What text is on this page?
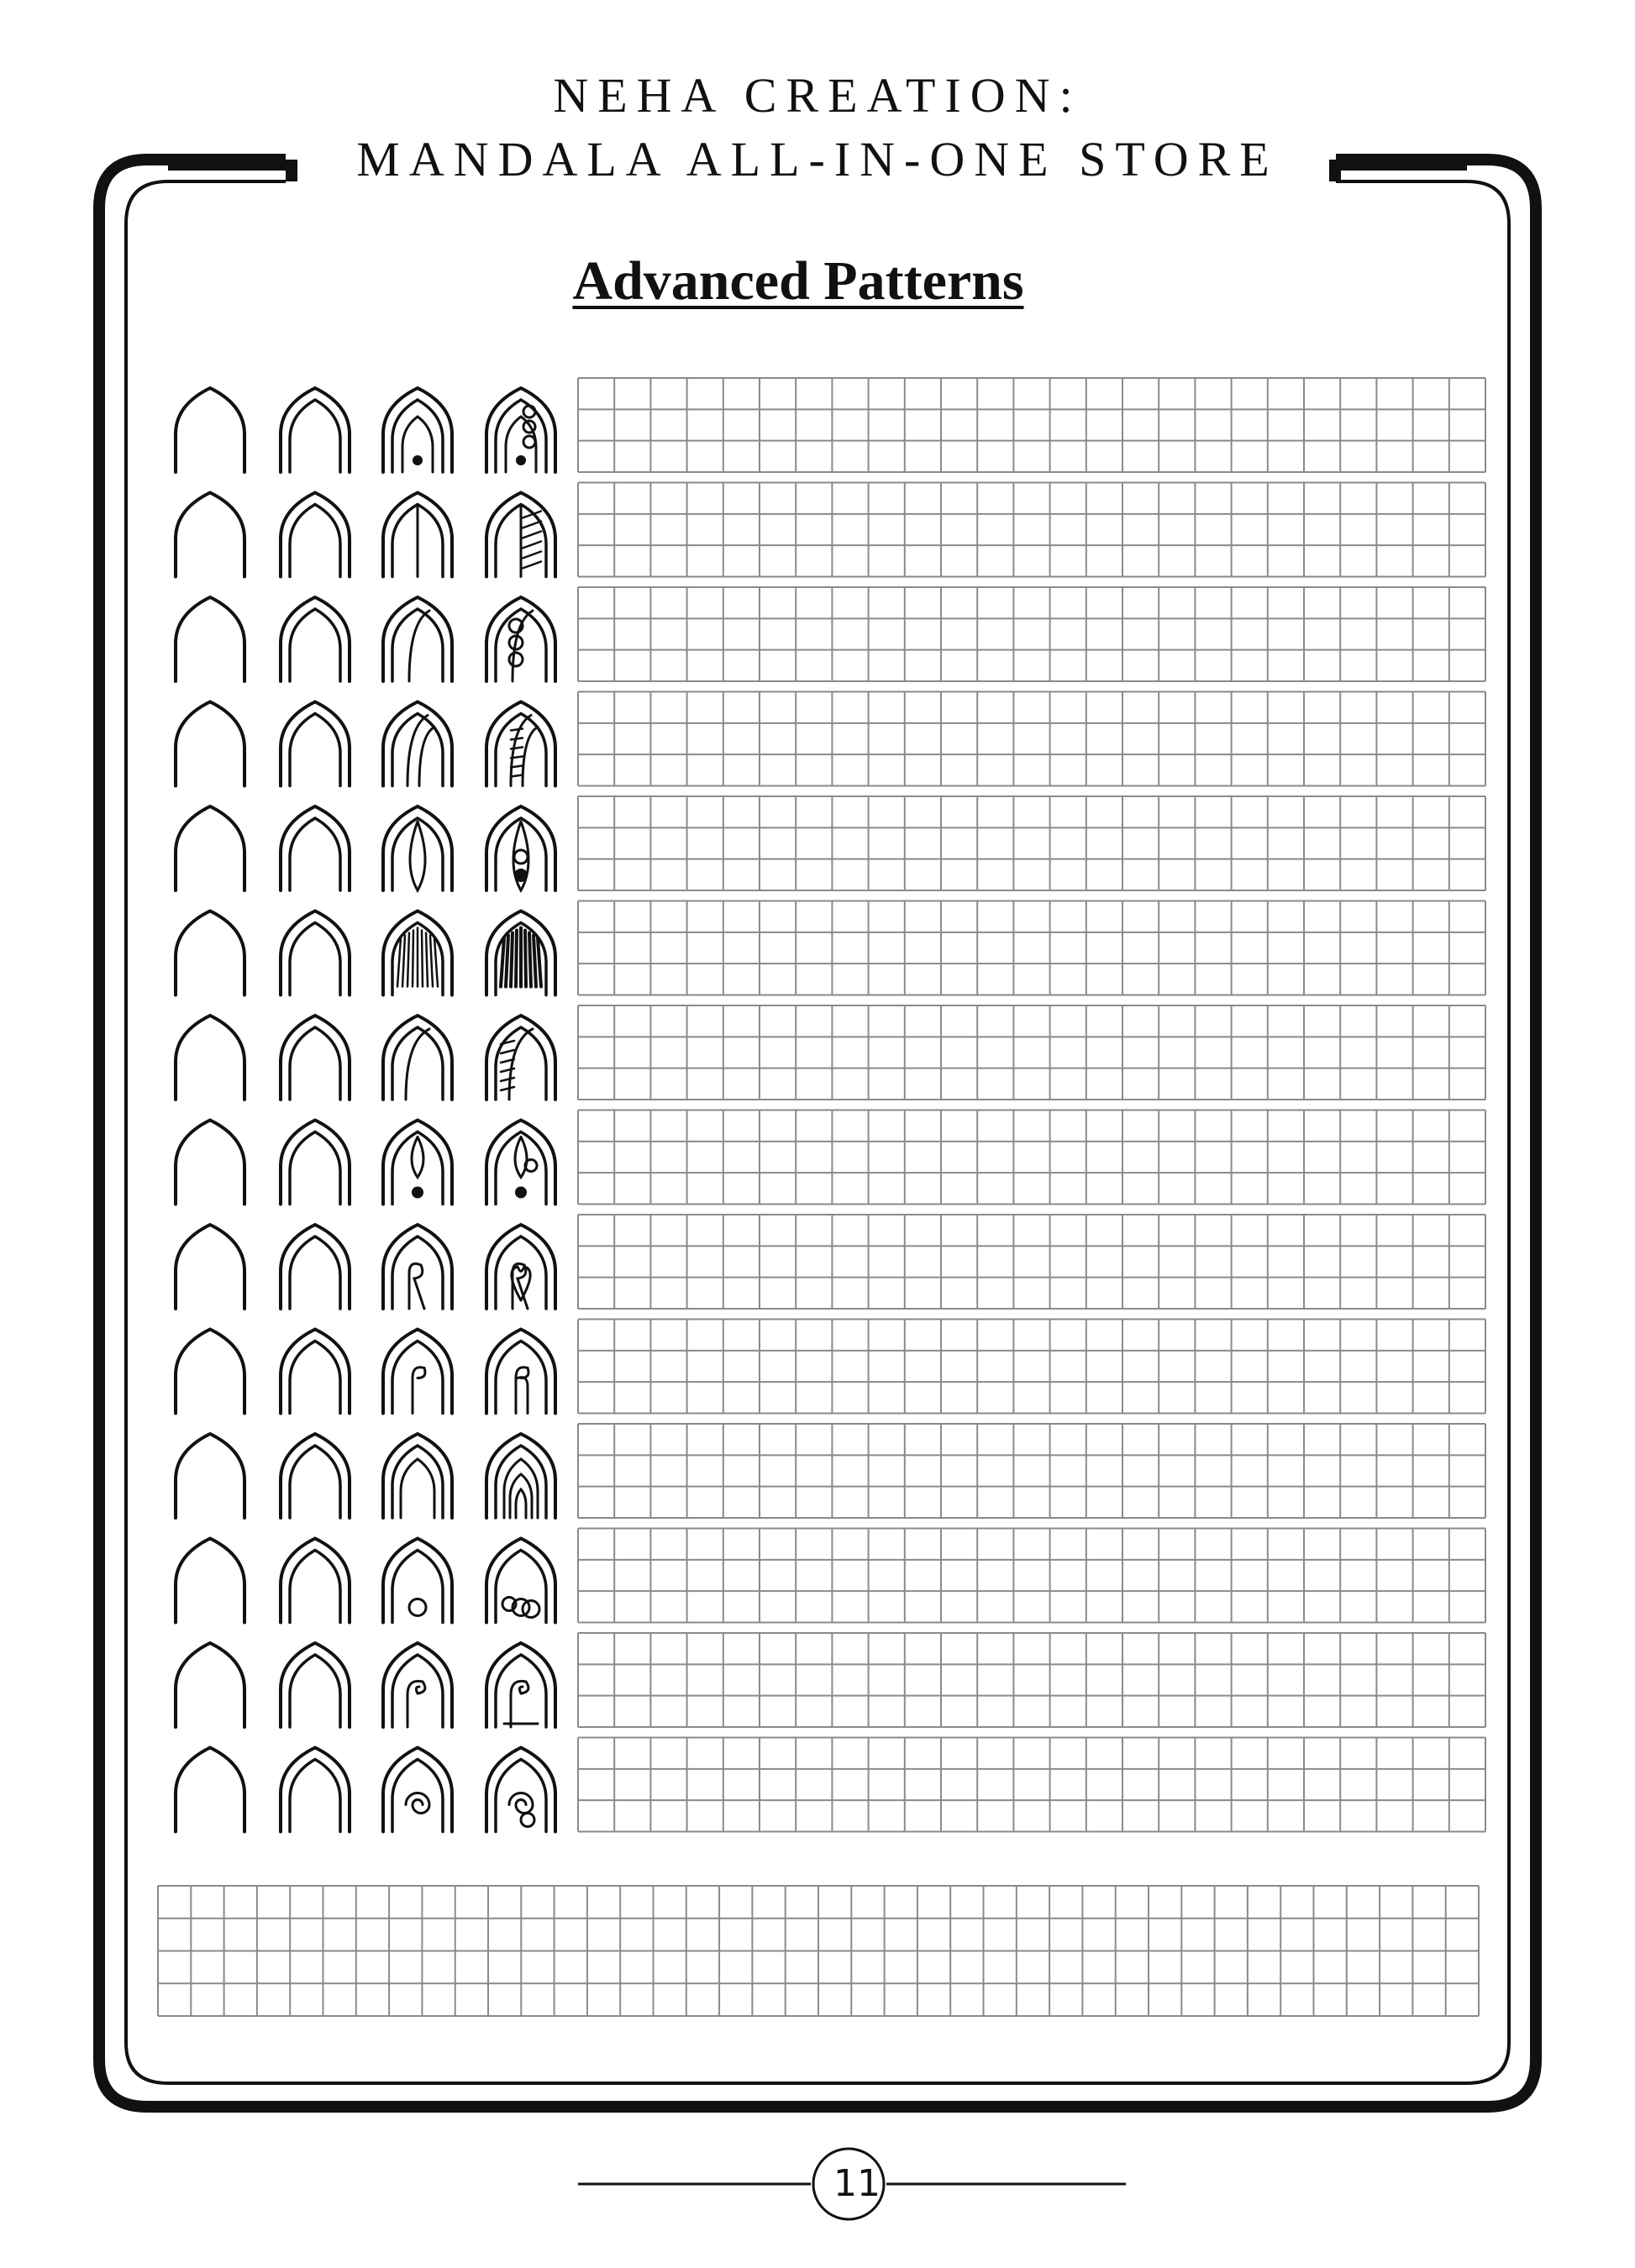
NEHA CREATION:
MANDALA ALL-IN-ONE STORE
Advanced Patterns
11
